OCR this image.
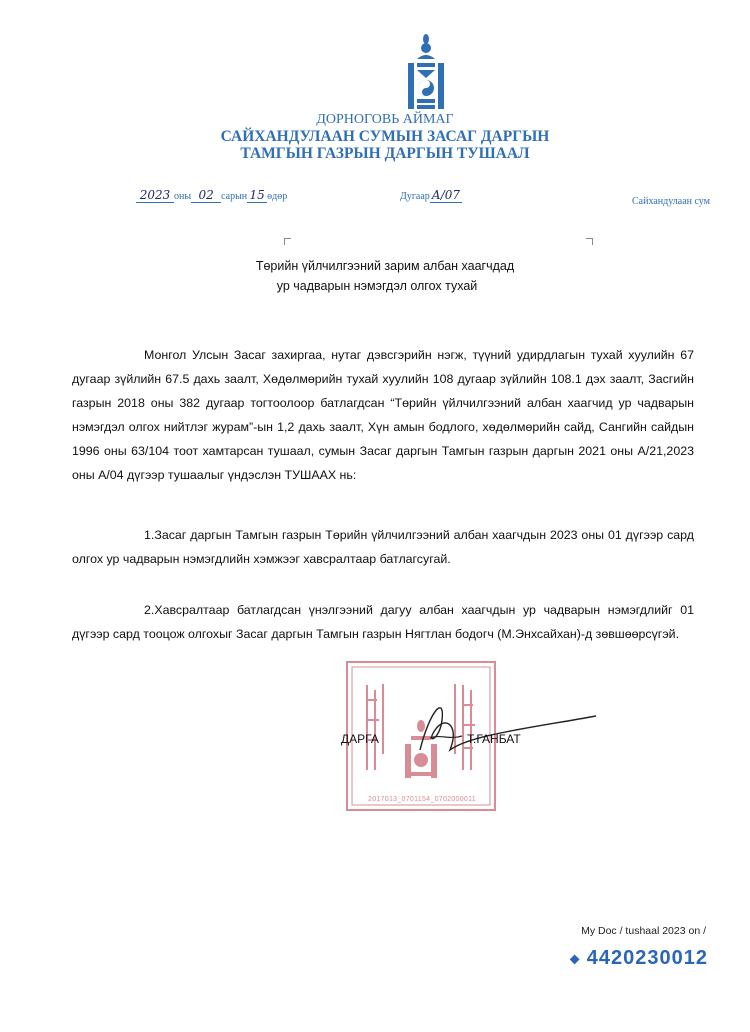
ДОРНОГОВЬ АЙМАГ
САЙХАНДУЛААН СУМЫН ЗАСАГ ДАРГЫН
ТАМГЫН ГАЗРЫН ДАРГЫН ТУШААЛ
2023 оны 02 сарын 15 өдөр	Дугаар А/07	Сайхандулаан сум
Төрийн үйлчилгээний зарим албан хаагчдад
ур чадварын нэмэгдэл олгох тухай
Монгол Улсын Засаг захиргаа, нутаг дэвсгэрийн нэгж, түүний удирдлагын тухай хуулийн 67 дугаар зүйлийн 67.5 дахь заалт, Хөдөлмөрийн тухай хуулийн 108 дугаар зүйлийн 108.1 дэх заалт, Засгийн газрын 2018 оны 382 дугаар тогтоолоор батлагдсан “Төрийн үйлчилгээний албан хаагчид ур чадварын нэмэгдэл олгох нийтлэг журам”-ын 1,2 дахь заалт, Хүн амын бодлого, хөдөлмөрийн сайд, Сангийн сайдын 1996 оны 63/104 тоот хамтарсан тушаал, сумын Засаг даргын Тамгын газрын даргын 2021 оны А/21,2023 оны А/04 дүгээр тушаалыг үндэслэн ТУШААХ нь:
1.Засаг даргын Тамгын газрын Төрийн үйлчилгээний албан хаагчдын 2023 оны 01 дүгээр сард олгох ур чадварын нэмэгдлийн хэмжээг хавсралтаар батлагсугай.
2.Хавсралтаар батлагдсан үнэлгээний дагуу албан хаагчдын ур чадварын нэмэгдлийг 01 дүгээр сард тооцож олгохыг Засаг даргын Тамгын газрын Нягтлан бодогч (М.Энхсайхан)-д зөвшөөрсүгэй.
2017013_0701154_0702000011
ДАРГА	Т.ГАНБАТ
My Doc / tushaal 2023 on /
◆ 4420230012
